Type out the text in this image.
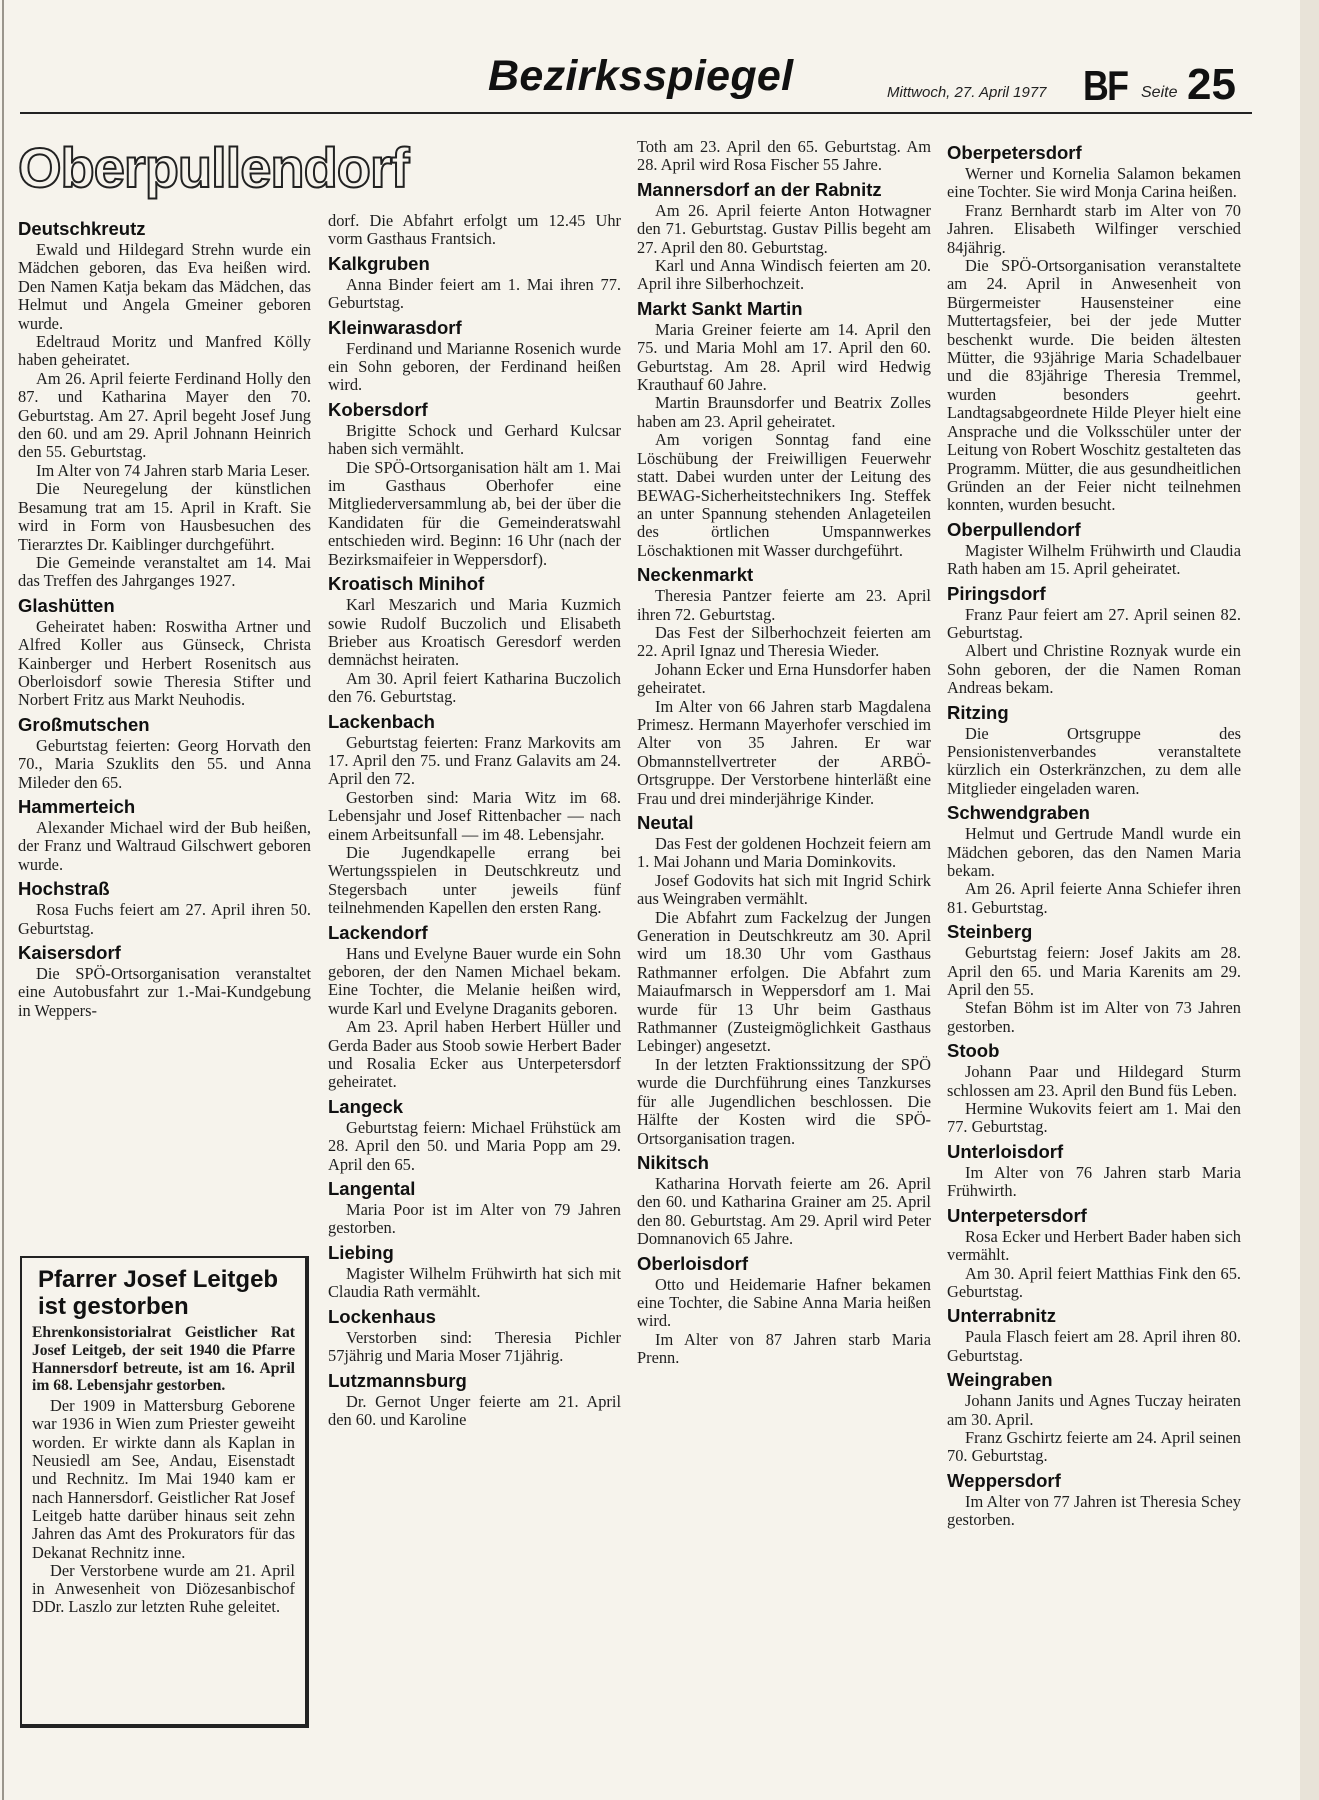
Bezirksspiegel	Mittwoch, 27. April 1977 BF Seite 25
Oberpullendorf
Deutschkreutz

Ewald und Hildegard Strehn wurde ein Mädchen geboren, das Eva heißen wird. Den Namen Katja bekam das Mädchen, das Helmut und Angela Gmeiner geboren wurde.

Edeltraud Moritz und Manfred Kölly haben geheiratet.

Am 26. April feierte Ferdinand Holly den 87. und Katharina Mayer den 70. Geburtstag. Am 27. April begeht Josef Jung den 60. und am 29. April Johnann Heinrich den 55. Geburtstag.

Im Alter von 74 Jahren starb Maria Leser.

Die Neuregelung der künstlichen Besamung trat am 15. April in Kraft. Sie wird in Form von Hausbesuchen des Tierarztes Dr. Kaiblinger durchgeführt.

Die Gemeinde veranstaltet am 14. Mai das Treffen des Jahrganges 1927.

Glashütten

Geheiratet haben: Roswitha Artner und Alfred Koller aus Günseck, Christa Kainberger und Herbert Rosenitsch aus Oberloisdorf sowie Theresia Stifter und Norbert Fritz aus Markt Neuhodis.

Großmutschen

Geburtstag feierten: Georg Horvath den 70., Maria Szuklits den 55. und Anna Mileder den 65.

Hammerteich

Alexander Michael wird der Bub heißen, der Franz und Waltraud Gilschwert geboren wurde.

Hochstraß

Rosa Fuchs feiert am 27. April ihren 50. Geburtstag.

Kaisersdorf

Die SPÖ-Ortsorganisation veranstaltet eine Autobusfahrt zur 1.-Mai-Kundgebung in Weppers-

dorf. Die Abfahrt erfolgt um 12.45 Uhr vorm Gasthaus Frantsich.

Kalkgruben

Anna Binder feiert am 1. Mai ihren 77. Geburtstag.

Kleinwarasdorf

Ferdinand und Marianne Rosenich wurde ein Sohn geboren, der Ferdinand heißen wird.

Kobersdorf

Brigitte Schock und Gerhard Kulcsar haben sich vermählt.

Die SPÖ-Ortsorganisation hält am 1. Mai im Gasthaus Oberhofer eine Mitgliederversammlung ab, bei der über die Kandidaten für die Gemeinderatswahl entschieden wird. Beginn: 16 Uhr (nach der Bezirksmaifeier in Weppersdorf).

Kroatisch Minihof

Karl Meszarich und Maria Kuzmich sowie Rudolf Buczolich und Elisabeth Brieber aus Kroatisch Geresdorf werden demnächst heiraten.

Am 30. April feiert Katharina Buczolich den 76. Geburtstag.

Lackenbach

Geburtstag feierten: Franz Markovits am 17. April den 75. und Franz Galavits am 24. April den 72.

Gestorben sind: Maria Witz im 68. Lebensjahr und Josef Rittenbacher — nach einem Arbeitsunfall — im 48. Lebensjahr.

Die Jugendkapelle errang bei Wertungsspielen in Deutschkreutz und Stegersbach unter jeweils fünf teilnehmenden Kapellen den ersten Rang.

Lackendorf

Hans und Evelyne Bauer wurde ein Sohn geboren, der den Namen Michael bekam. Eine Tochter, die Melanie heißen wird, wurde Karl und Evelyne Draganits geboren.

Am 23. April haben Herbert Hüller und Gerda Bader aus Stoob sowie Herbert Bader und Rosalia Ecker aus Unterpetersdorf geheiratet.

Langeck

Geburtstag feiern: Michael Frühstück am 28. April den 50. und Maria Popp am 29. April den 65.

Langental

Maria Poor ist im Alter von 79 Jahren gestorben.

Liebing

Magister Wilhelm Frühwirth hat sich mit Claudia Rath vermählt.

Lockenhaus

Verstorben sind: Theresia Pichler 57jährig und Maria Moser 71jährig.

Lutzmannsburg

Dr. Gernot Unger feierte am 21. April den 60. und Karoline

Toth am 23. April den 65. Geburtstag. Am 28. April wird Rosa Fischer 55 Jahre.

Mannersdorf an der Rabnitz

Am 26. April feierte Anton Hotwagner den 71. Geburtstag. Gustav Pillis begeht am 27. April den 80. Geburtstag.

Karl und Anna Windisch feierten am 20. April ihre Silberhochzeit.

Markt Sankt Martin

Maria Greiner feierte am 14. April den 75. und Maria Mohl am 17. April den 60. Geburtstag. Am 28. April wird Hedwig Krauthauf 60 Jahre.

Martin Braunsdorfer und Beatrix Zolles haben am 23. April geheiratet.

Am vorigen Sonntag fand eine Löschübung der Freiwilligen Feuerwehr statt. Dabei wurden unter der Leitung des BEWAG-Sicherheitstechnikers Ing. Steffek an unter Spannung stehenden Anlageteilen des örtlichen Umspannwerkes Löschaktionen mit Wasser durchgeführt.

Neckenmarkt

Theresia Pantzer feierte am 23. April ihren 72. Geburtstag.

Das Fest der Silberhochzeit feierten am 22. April Ignaz und Theresia Wieder.

Johann Ecker und Erna Hunsdorfer haben geheiratet.

Im Alter von 66 Jahren starb Magdalena Primesz. Hermann Mayerhofer verschied im Alter von 35 Jahren. Er war Obmannstellvertreter der ARBÖ-Ortsgruppe. Der Verstorbene hinterläßt eine Frau und drei minderjährige Kinder.

Neutal

Das Fest der goldenen Hochzeit feiern am 1. Mai Johann und Maria Dominkovits.

Josef Godovits hat sich mit Ingrid Schirk aus Weingraben vermählt.

Die Abfahrt zum Fackelzug der Jungen Generation in Deutschkreutz am 30. April wird um 18.30 Uhr vom Gasthaus Rathmanner erfolgen. Die Abfahrt zum Maiaufmarsch in Weppersdorf am 1. Mai wurde für 13 Uhr beim Gasthaus Rathmanner (Zusteigmöglichkeit Gasthaus Lebinger) angesetzt.

In der letzten Fraktionssitzung der SPÖ wurde die Durchführung eines Tanzkurses für alle Jugendlichen beschlossen. Die Hälfte der Kosten wird die SPÖ-Ortsorganisation tragen.

Nikitsch

Katharina Horvath feierte am 26. April den 60. und Katharina Grainer am 25. April den 80. Geburtstag. Am 29. April wird Peter Domnanovich 65 Jahre.

Oberloisdorf

Otto und Heidemarie Hafner bekamen eine Tochter, die Sabine Anna Maria heißen wird.

Im Alter von 87 Jahren starb Maria Prenn.

Oberpetersdorf

Werner und Kornelia Salamon bekamen eine Tochter. Sie wird Monja Carina heißen.

Franz Bernhardt starb im Alter von 70 Jahren. Elisabeth Wilfinger verschied 84jährig.

Die SPÖ-Ortsorganisation veranstaltete am 24. April in Anwesenheit von Bürgermeister Hausensteiner eine Muttertagsfeier, bei der jede Mutter beschenkt wurde. Die beiden ältesten Mütter, die 93jährige Maria Schadelbauer und die 83jährige Theresia Tremmel, wurden besonders geehrt. Landtagsabgeordnete Hilde Pleyer hielt eine Ansprache und die Volksschüler unter der Leitung von Robert Woschitz gestalteten das Programm. Mütter, die aus gesundheitlichen Gründen an der Feier nicht teilnehmen konnten, wurden besucht.

Oberpullendorf

Magister Wilhelm Frühwirth und Claudia Rath haben am 15. April geheiratet.

Piringsdorf

Franz Paur feiert am 27. April seinen 82. Geburtstag.

Albert und Christine Roznyak wurde ein Sohn geboren, der die Namen Roman Andreas bekam.

Ritzing

Die Ortsgruppe des Pensionistenverbandes veranstaltete kürzlich ein Osterkränzchen, zu dem alle Mitglieder eingeladen waren.

Schwendgraben

Helmut und Gertrude Mandl wurde ein Mädchen geboren, das den Namen Maria bekam.

Am 26. April feierte Anna Schiefer ihren 81. Geburtstag.

Steinberg

Geburtstag feiern: Josef Jakits am 28. April den 65. und Maria Karenits am 29. April den 55.

Stefan Böhm ist im Alter von 73 Jahren gestorben.

Stoob

Johann Paar und Hildegard Sturm schlossen am 23. April den Bund füs Leben.

Hermine Wukovits feiert am 1. Mai den 77. Geburtstag.

Unterloisdorf

Im Alter von 76 Jahren starb Maria Frühwirth.

Unterpetersdorf

Rosa Ecker und Herbert Bader haben sich vermählt.

Am 30. April feiert Matthias Fink den 65. Geburtstag.

Unterrabnitz

Paula Flasch feiert am 28. April ihren 80. Geburtstag.

Weingraben

Johann Janits und Agnes Tuczay heiraten am 30. April.

Franz Gschirtz feierte am 24. April seinen 70. Geburtstag.

Weppersdorf

Im Alter von 77 Jahren ist Theresia Schey gestorben.

Pfarrer Josef Leitgeb ist gestorben

Ehrenkonsistorialrat Geistlicher Rat Josef Leitgeb, der seit 1940 die Pfarre Hannersdorf betreute, ist am 16. April im 68. Lebensjahr gestorben.

Der 1909 in Mattersburg Geborene war 1936 in Wien zum Priester geweiht worden. Er wirkte dann als Kaplan in Neusiedl am See, Andau, Eisenstadt und Rechnitz. Im Mai 1940 kam er nach Hannersdorf. Geistlicher Rat Josef Leitgeb hatte darüber hinaus seit zehn Jahren das Amt des Prokurators für das Dekanat Rechnitz inne.

Der Verstorbene wurde am 21. April in Anwesenheit von Diözesanbischof DDr. Laszlo zur letzten Ruhe geleitet.
